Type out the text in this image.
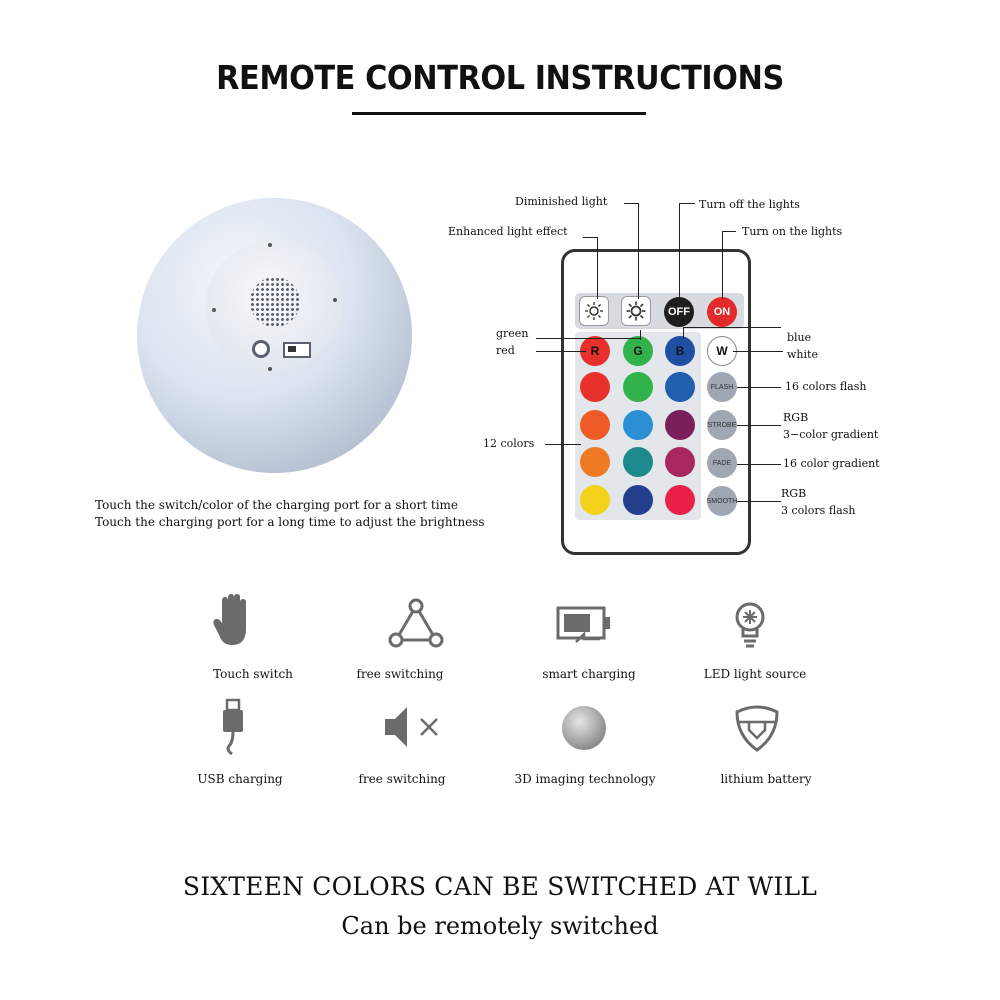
REMOTE CONTROL INSTRUCTIONS
Touch the switch/color of the charging port for a short time
Touch the charging port for a long time to adjust the brightness
OFF	ON
R	G	B	W
FLASH
STROBE
FADE
SMOOTH
Diminished light
Enhanced light effect
Turn off the lights
Turn on the lights
green
red
blue
white
12 colors
16 colors flash
RGB
3−color gradient
16 color gradient
RGB
3 colors flash
Touch switch	free switching	smart charging	LED light source
USB charging	free switching	3D imaging technology	lithium battery
SIXTEEN COLORS CAN BE SWITCHED AT WILL
Can be remotely switched
